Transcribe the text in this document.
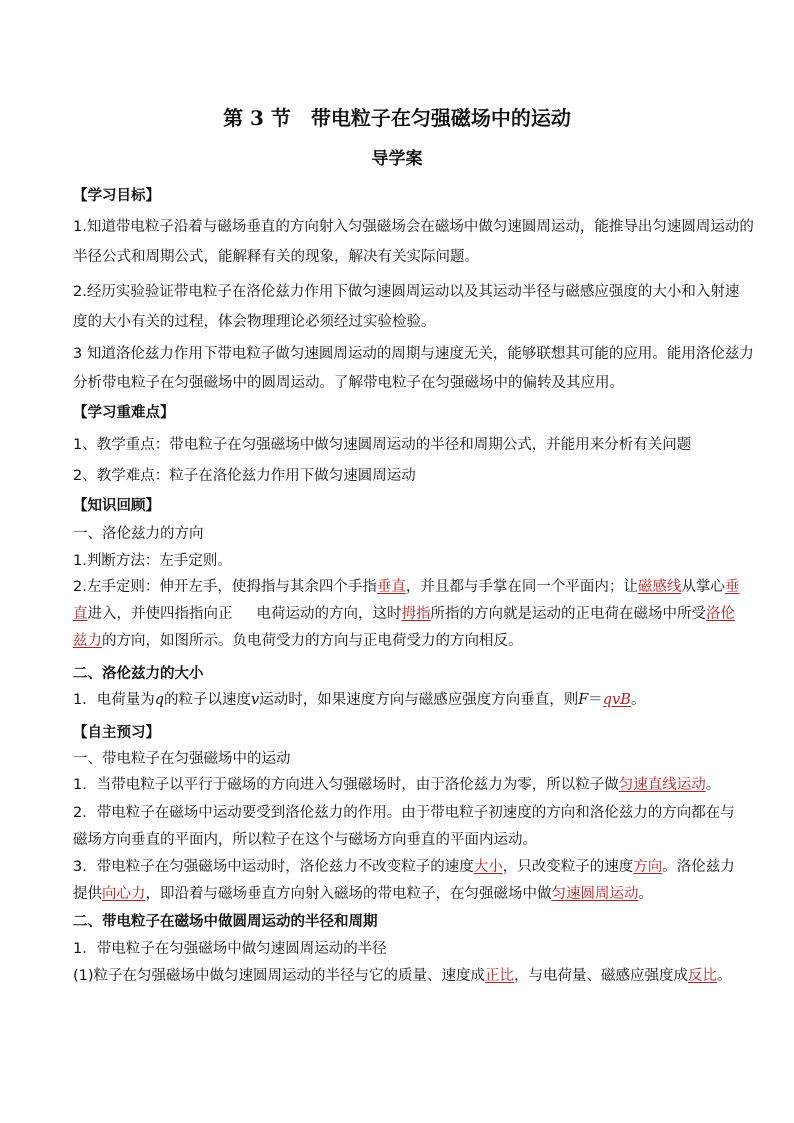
第 3 节　带电粒子在匀强磁场中的运动
导学案
【学习目标】
1.知道带电粒子沿着与磁场垂直的方向射入匀强磁场会在磁场中做匀速圆周运动，能推导出匀速圆周运动的
半径公式和周期公式，能解释有关的现象，解决有关实际问题。
2.经历实验验证带电粒子在洛伦兹力作用下做匀速圆周运动以及其运动半径与磁感应强度的大小和入射速
度的大小有关的过程，体会物理理论必须经过实验检验。
3 知道洛伦兹力作用下带电粒子做匀速圆周运动的周期与速度无关，能够联想其可能的应用。能用洛伦兹力
分析带电粒子在匀强磁场中的圆周运动。了解带电粒子在匀强磁场中的偏转及其应用。
【学习重难点】
1、教学重点：带电粒子在匀强磁场中做匀速圆周运动的半径和周期公式，并能用来分析有关问题
2、教学难点：粒子在洛伦兹力作用下做匀速圆周运动
【知识回顾】
一、洛伦兹力的方向
1.判断方法：左手定则。
2.左手定则：伸开左手，使拇指与其余四个手指垂直，并且都与手掌在同一个平面内；让磁感线从掌心垂
直进入，并使四指指向正 电荷运动的方向，这时拇指所指的方向就是运动的正电荷在磁场中所受洛伦
兹力的方向，如图所示。负电荷受力的方向与正电荷受力的方向相反。
二、洛伦兹力的大小
1．电荷量为q的粒子以速度v运动时，如果速度方向与磁感应强度方向垂直，则F＝qvB。
【自主预习】
一、带电粒子在匀强磁场中的运动
1．当带电粒子以平行于磁场的方向进入匀强磁场时，由于洛伦兹力为零，所以粒子做匀速直线运动。
2．带电粒子在磁场中运动要受到洛伦兹力的作用。由于带电粒子初速度的方向和洛伦兹力的方向都在与
磁场方向垂直的平面内，所以粒子在这个与磁场方向垂直的平面内运动。
3．带电粒子在匀强磁场中运动时，洛伦兹力不改变粒子的速度大小，只改变粒子的速度方向。洛伦兹力
提供向心力，即沿着与磁场垂直方向射入磁场的带电粒子，在匀强磁场中做匀速圆周运动。
二、带电粒子在磁场中做圆周运动的半径和周期
1．带电粒子在匀强磁场中做匀速圆周运动的半径
(1)粒子在匀强磁场中做匀速圆周运动的半径与它的质量、速度成正比，与电荷量、磁感应强度成反比。
